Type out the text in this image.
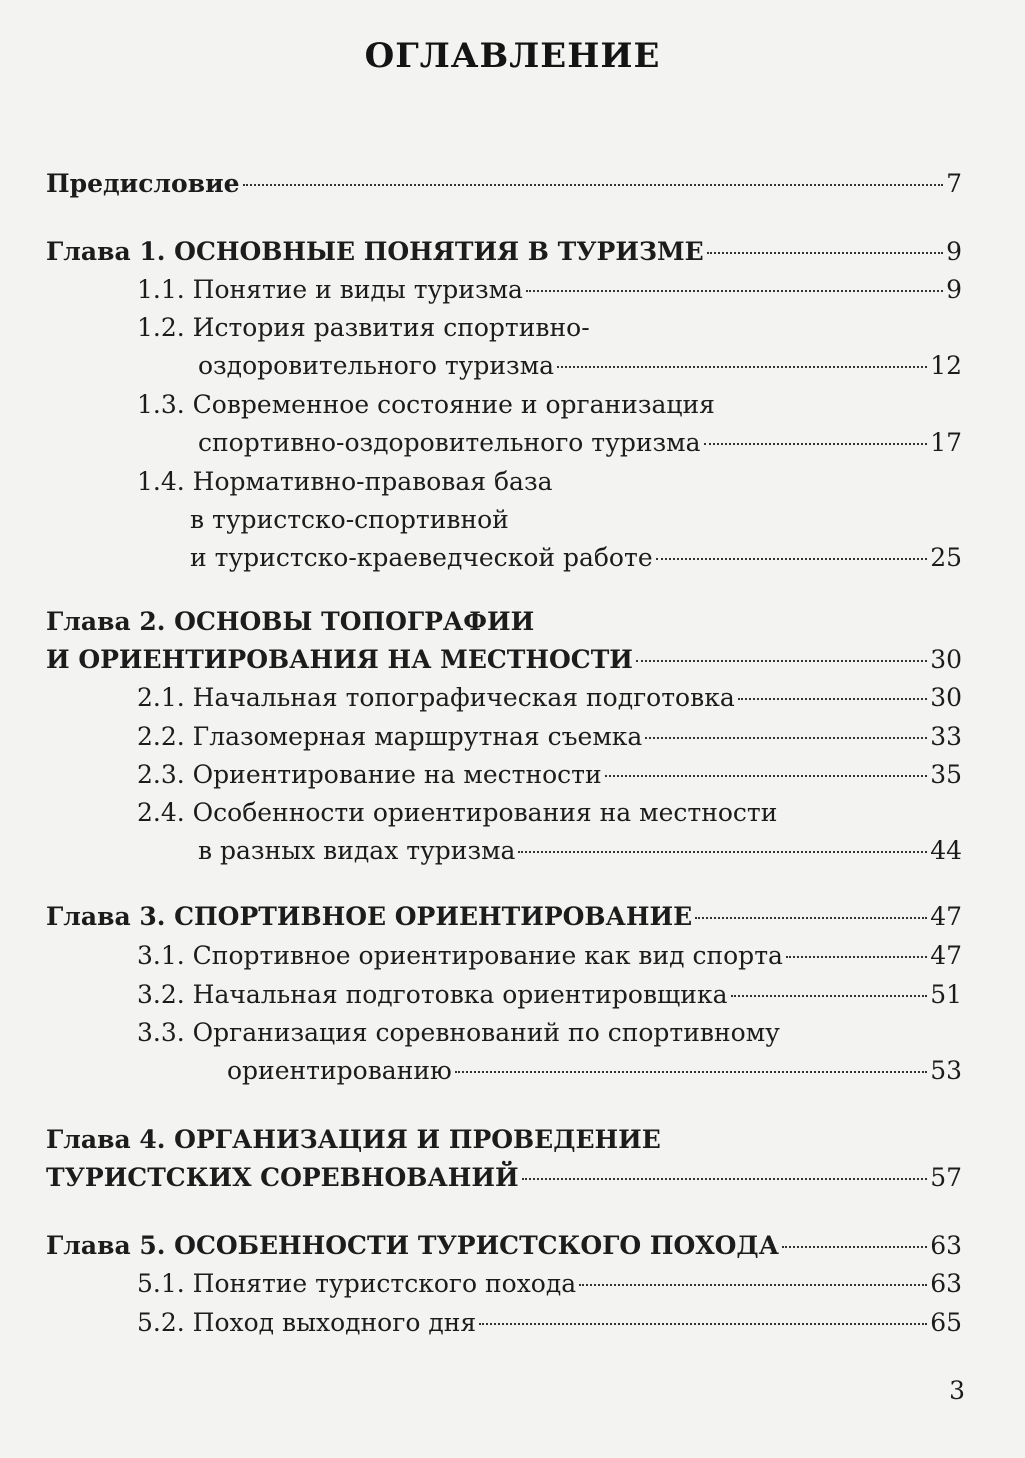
ОГЛАВЛЕНИЕ
Предисловие	7
Глава 1. ОСНОВНЫЕ ПОНЯТИЯ В ТУРИЗМЕ	9
1.1. Понятие и виды туризма	9
1.2. История развития спортивно-
оздоровительного туризма	12
1.3. Современное состояние и организация
спортивно-оздоровительного туризма	17
1.4. Нормативно-правовая база
в туристско-спортивной
и туристско-краеведческой работе	25
Глава 2. ОСНОВЫ ТОПОГРАФИИ
И ОРИЕНТИРОВАНИЯ НА МЕСТНОСТИ	30
2.1. Начальная топографическая подготовка	30
2.2. Глазомерная маршрутная съемка	33
2.3. Ориентирование на местности	35
2.4. Особенности ориентирования на местности
в разных видах туризма	44
Глава 3. СПОРТИВНОЕ ОРИЕНТИРОВАНИЕ	47
3.1. Спортивное ориентирование как вид спорта	47
3.2. Начальная подготовка ориентировщика	51
3.3. Организация соревнований по спортивному
ориентированию	53
Глава 4. ОРГАНИЗАЦИЯ И ПРОВЕДЕНИЕ
ТУРИСТСКИХ СОРЕВНОВАНИЙ	57
Глава 5. ОСОБЕННОСТИ ТУРИСТСКОГО ПОХОДА	63
5.1. Понятие туристского похода	63
5.2. Поход выходного дня	65
3
